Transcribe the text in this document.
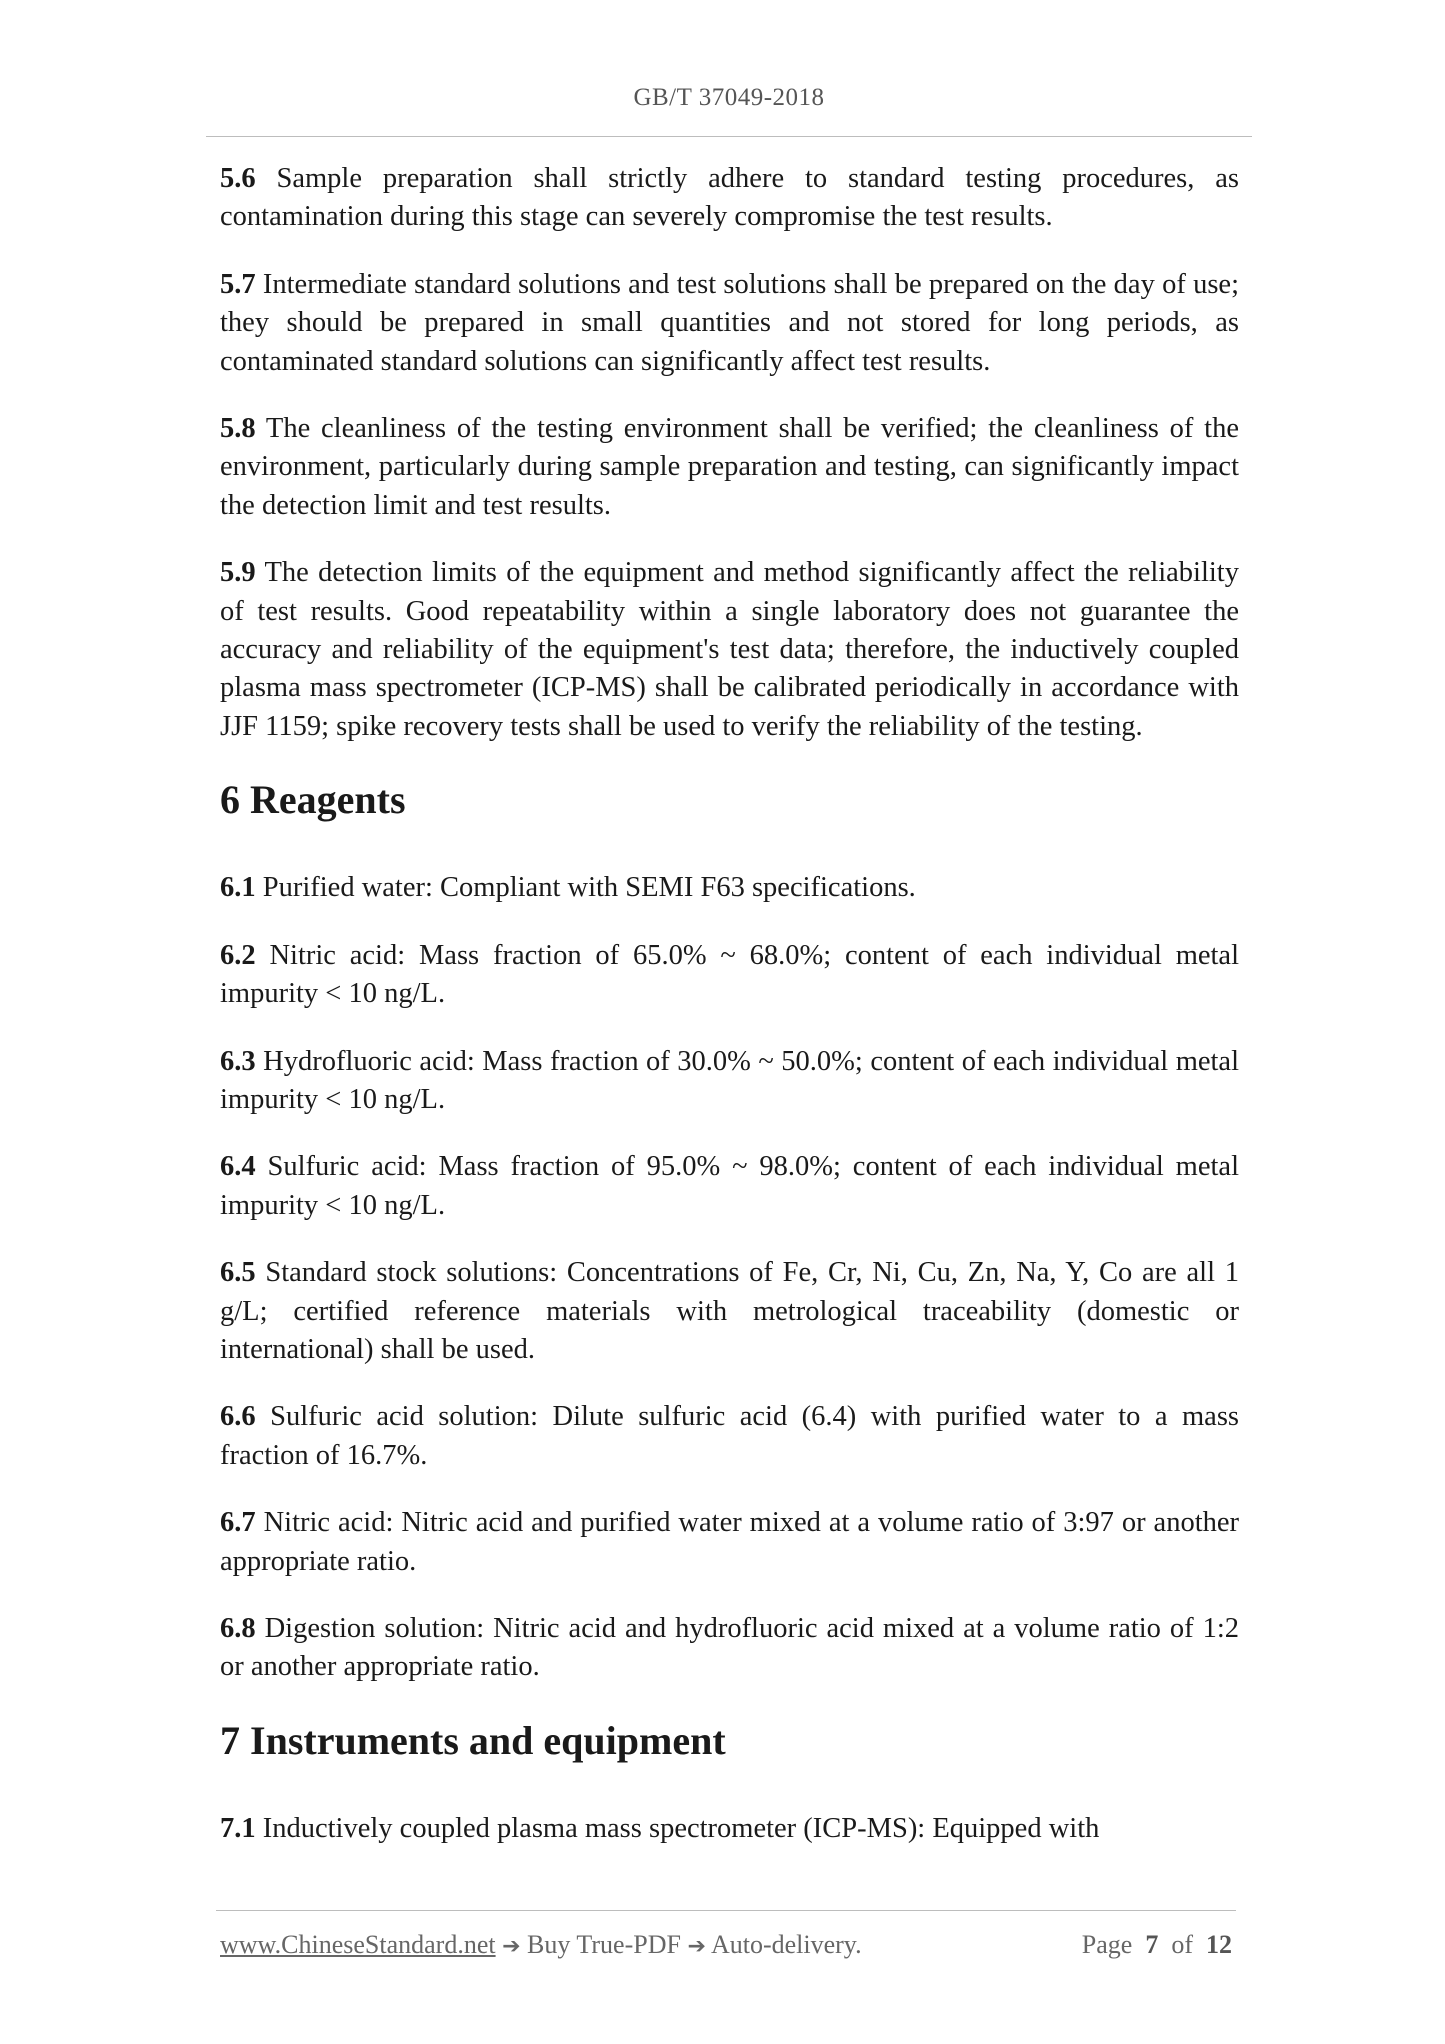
GB/T 37049-2018

5.6 Sample preparation shall strictly adhere to standard testing procedures, as contamination during this stage can severely compromise the test results.

5.7 Intermediate standard solutions and test solutions shall be prepared on the day of use; they should be prepared in small quantities and not stored for long periods, as contaminated standard solutions can significantly affect test results.

5.8 The cleanliness of the testing environment shall be verified; the cleanliness of the environment, particularly during sample preparation and testing, can significantly impact the detection limit and test results.

5.9 The detection limits of the equipment and method significantly affect the reliability of test results. Good repeatability within a single laboratory does not guarantee the accuracy and reliability of the equipment's test data; therefore, the inductively coupled plasma mass spectrometer (ICP-MS) shall be calibrated periodically in accordance with JJF 1159; spike recovery tests shall be used to verify the reliability of the testing.

6 Reagents

6.1 Purified water: Compliant with SEMI F63 specifications.

6.2 Nitric acid: Mass fraction of 65.0% ~ 68.0%; content of each individual metal impurity < 10 ng/L.

6.3 Hydrofluoric acid: Mass fraction of 30.0% ~ 50.0%; content of each individual metal impurity < 10 ng/L.

6.4 Sulfuric acid: Mass fraction of 95.0% ~ 98.0%; content of each individual metal impurity < 10 ng/L.

6.5 Standard stock solutions: Concentrations of Fe, Cr, Ni, Cu, Zn, Na, Y, Co are all 1 g/L; certified reference materials with metrological traceability (domestic or international) shall be used.

6.6 Sulfuric acid solution: Dilute sulfuric acid (6.4) with purified water to a mass fraction of 16.7%.

6.7 Nitric acid: Nitric acid and purified water mixed at a volume ratio of 3:97 or another appropriate ratio.

6.8 Digestion solution: Nitric acid and hydrofluoric acid mixed at a volume ratio of 1:2 or another appropriate ratio.

7 Instruments and equipment

7.1 Inductively coupled plasma mass spectrometer (ICP-MS): Equipped with

www.ChineseStandard.net ➔ Buy True-PDF ➔ Auto-delivery.	Page 7 of 12
